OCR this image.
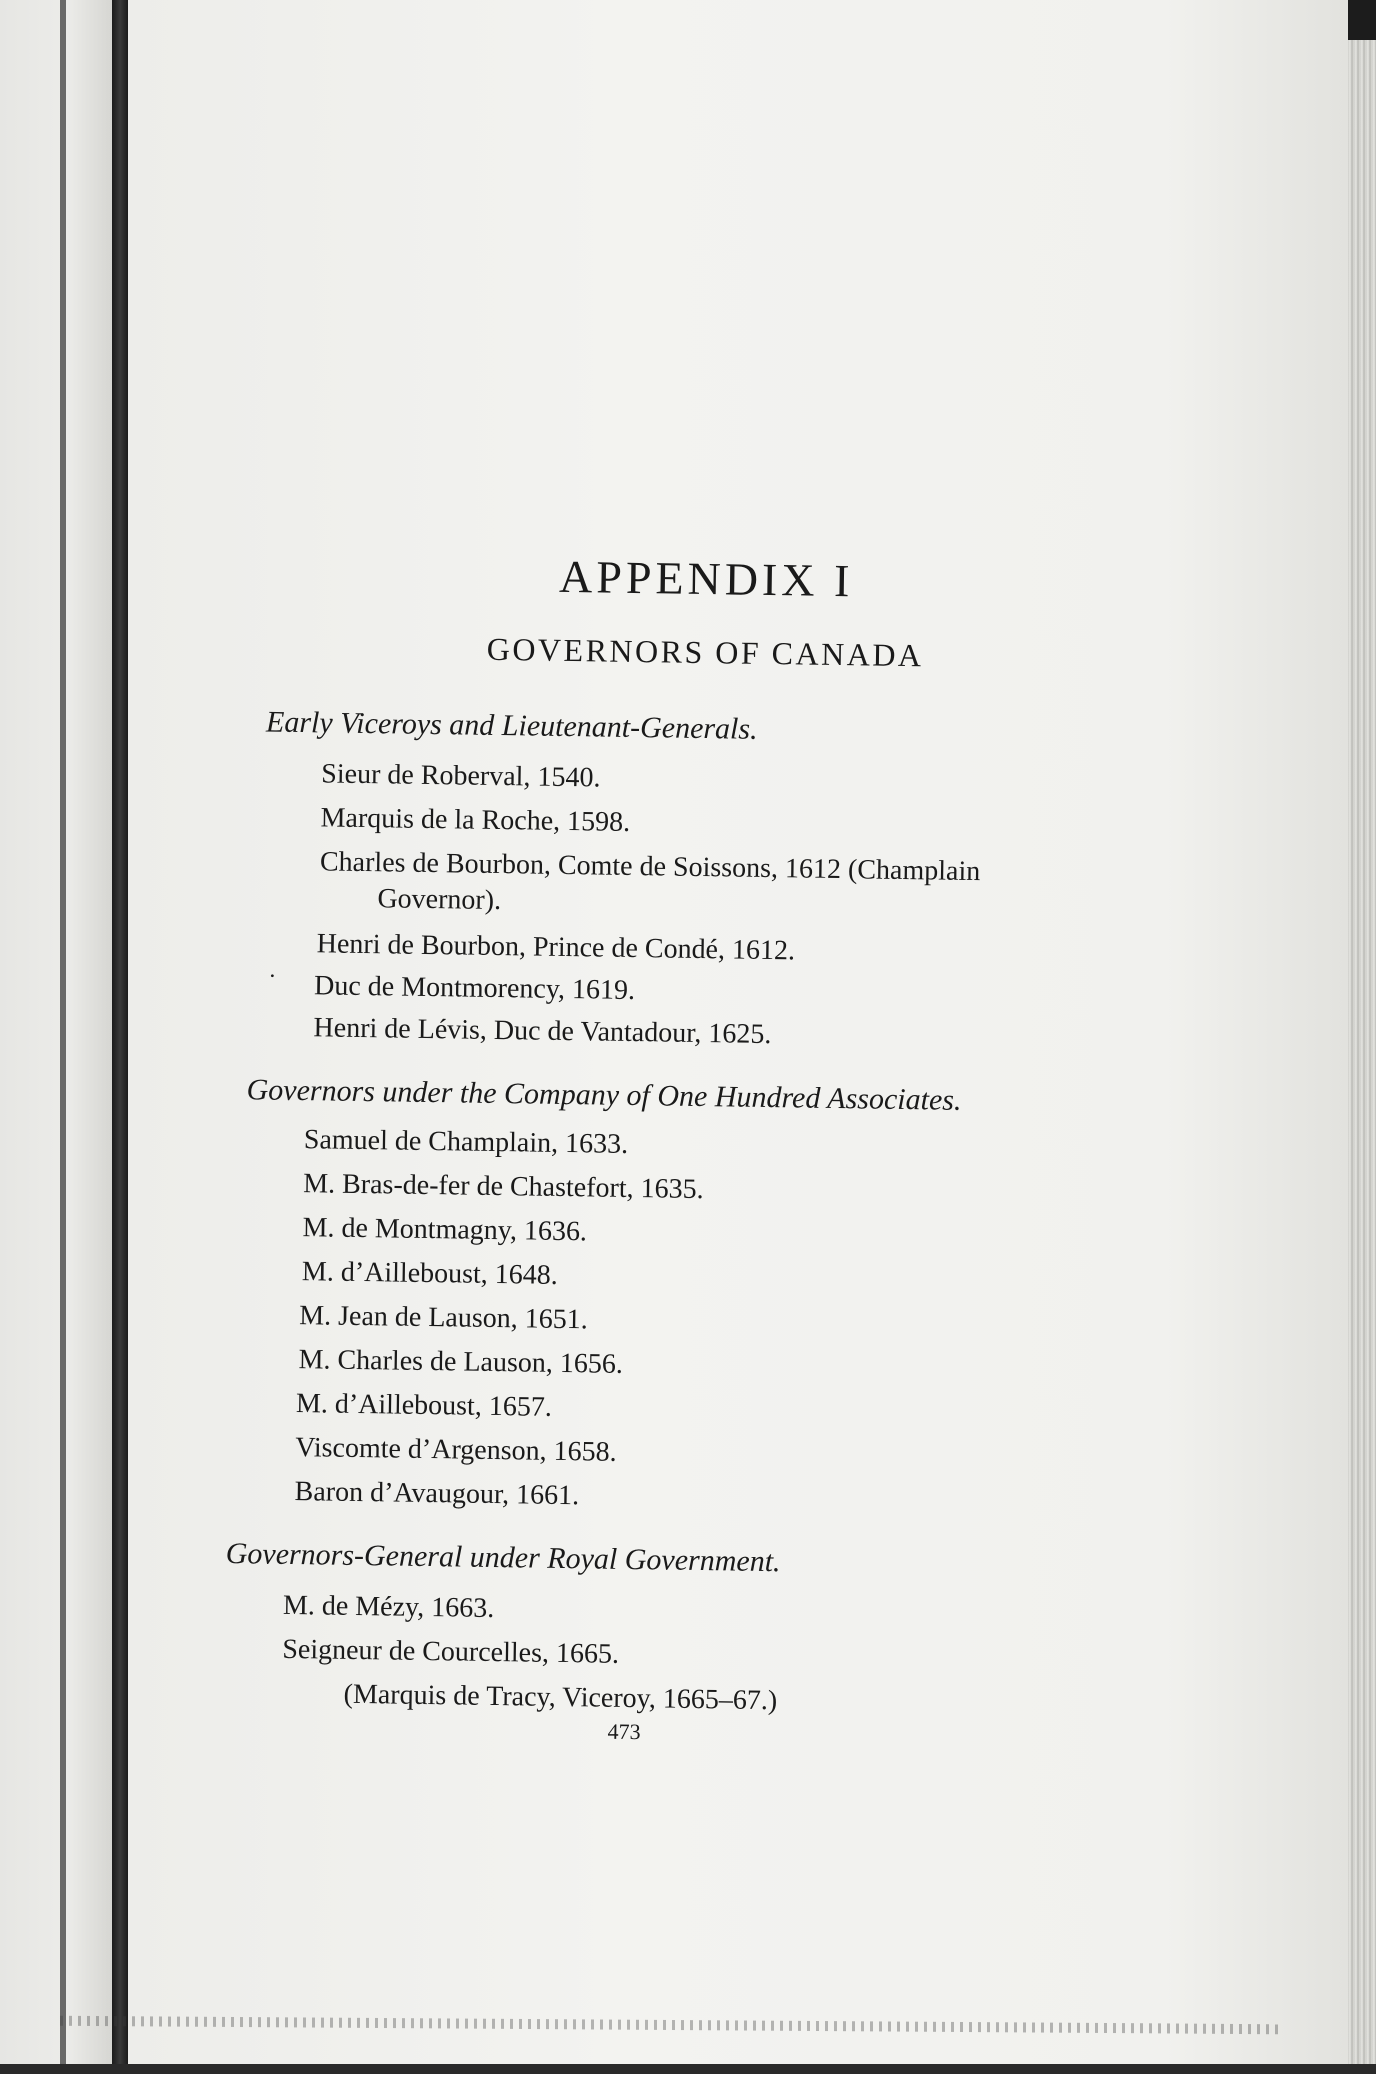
APPENDIX I
GOVERNORS OF CANADA
Early Viceroys and Lieutenant-Generals.
Sieur de Roberval, 1540.
Marquis de la Roche, 1598.
Charles de Bourbon, Comte de Soissons, 1612 (Champlain
Governor).
Henri de Bourbon, Prince de Condé, 1612.
· Duc de Montmorency, 1619.
Henri de Lévis, Duc de Vantadour, 1625.
Governors under the Company of One Hundred Associates.
Samuel de Champlain, 1633.
M. Bras-de-fer de Chastefort, 1635.
M. de Montmagny, 1636.
M. d’Ailleboust, 1648.
M. Jean de Lauson, 1651.
M. Charles de Lauson, 1656.
M. d’Ailleboust, 1657.
Viscomte d’Argenson, 1658.
Baron d’Avaugour, 1661.
Governors-General under Royal Government.
M. de Mézy, 1663.
Seigneur de Courcelles, 1665.
(Marquis de Tracy, Viceroy, 1665–67.)
473
